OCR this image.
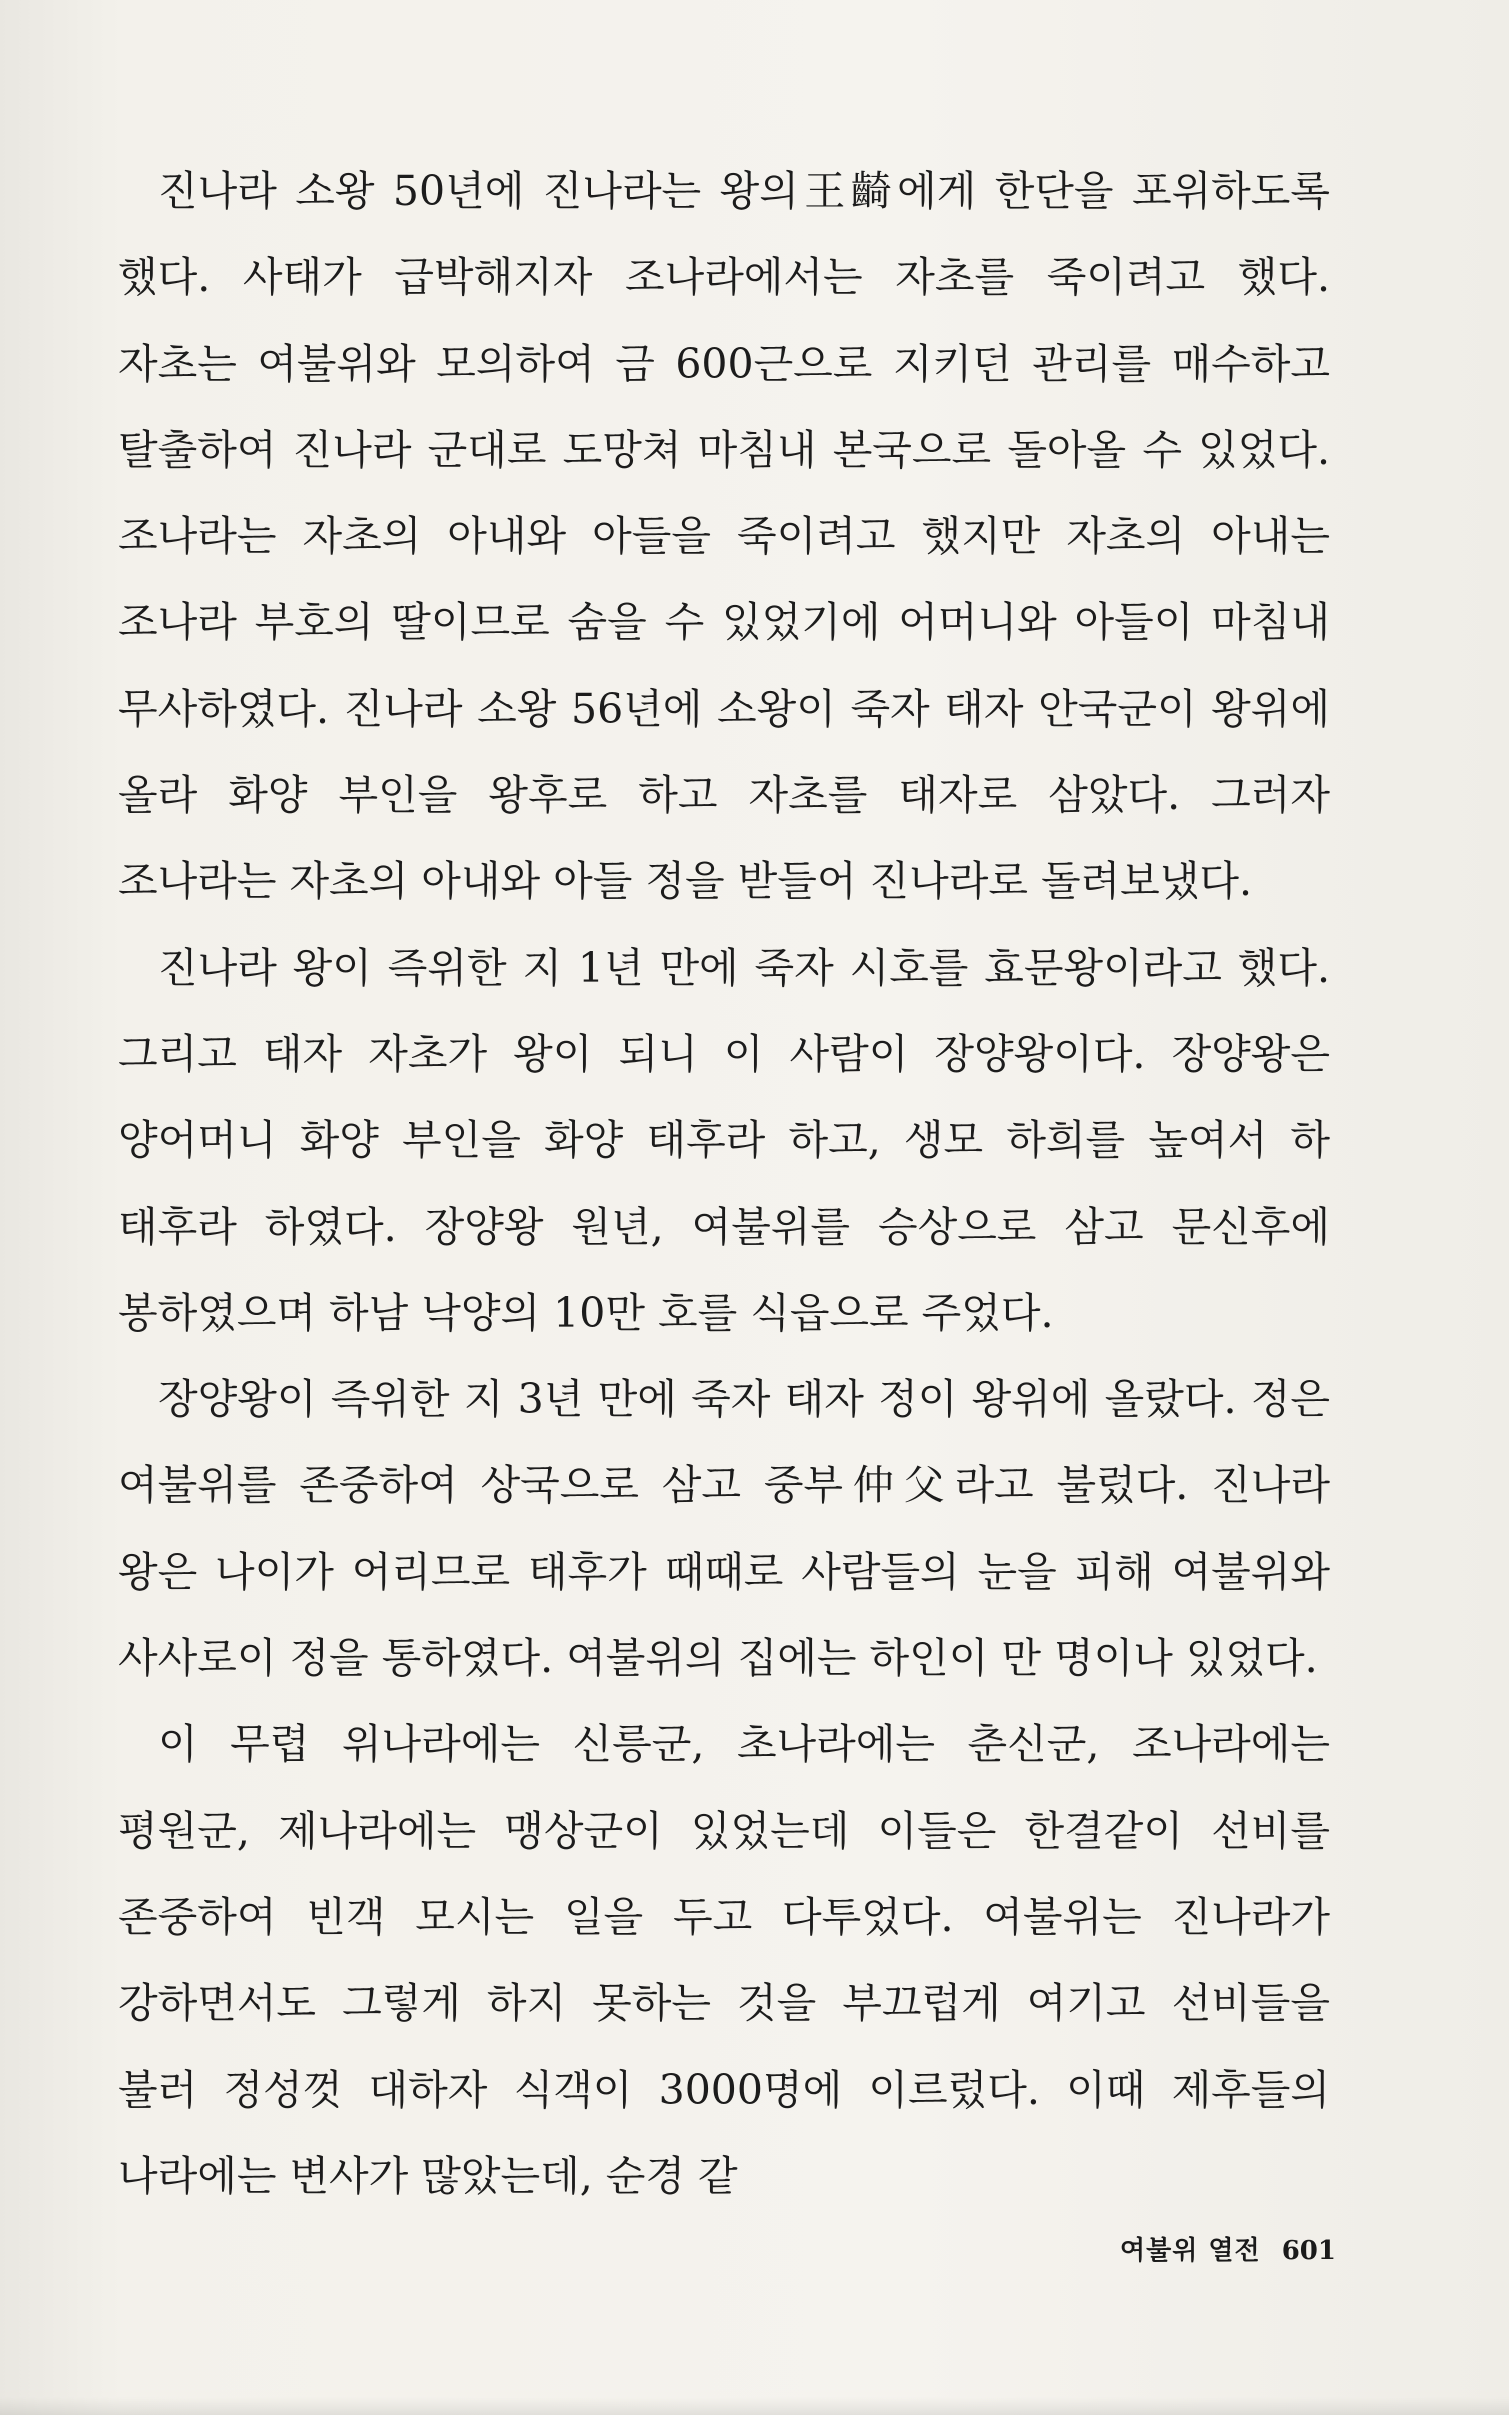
진나라 소왕 50년에 진나라는 왕의王齮에게 한단을 포위하도록 했다. 사태가 급박해지자 조나라에서는 자초를 죽이려고 했다. 자초는 여불위와 모의하여 금 600근으로 지키던 관리를 매수하고 탈출하여 진나라 군대로 도망쳐 마침내 본국으로 돌아올 수 있었다. 조나라는 자초의 아내와 아들을 죽이려고 했지만 자초의 아내는 조나라 부호의 딸이므로 숨을 수 있었기에 어머니와 아들이 마침내 무사하였다. 진나라 소왕 56년에 소왕이 죽자 태자 안국군이 왕위에 올라 화양 부인을 왕후로 하고 자초를 태자로 삼았다. 그러자 조나라는 자초의 아내와 아들 정을 받들어 진나라로 돌려보냈다.

진나라 왕이 즉위한 지 1년 만에 죽자 시호를 효문왕이라고 했다. 그리고 태자 자초가 왕이 되니 이 사람이 장양왕이다. 장양왕은 양어머니 화양 부인을 화양 태후라 하고, 생모 하희를 높여서 하 태후라 하였다. 장양왕 원년, 여불위를 승상으로 삼고 문신후에 봉하였으며 하남 낙양의 10만 호를 식읍으로 주었다.

장양왕이 즉위한 지 3년 만에 죽자 태자 정이 왕위에 올랐다. 정은 여불위를 존중하여 상국으로 삼고 중부仲父라고 불렀다. 진나라 왕은 나이가 어리므로 태후가 때때로 사람들의 눈을 피해 여불위와 사사로이 정을 통하였다. 여불위의 집에는 하인이 만 명이나 있었다.

이 무렵 위나라에는 신릉군, 초나라에는 춘신군, 조나라에는 평원군, 제나라에는 맹상군이 있었는데 이들은 한결같이 선비를 존중하여 빈객 모시는 일을 두고 다투었다. 여불위는 진나라가 강하면서도 그렇게 하지 못하는 것을 부끄럽게 여기고 선비들을 불러 정성껏 대하자 식객이 3000명에 이르렀다. 이때 제후들의 나라에는 변사가 많았는데, 순경 같

여불위 열전 601
